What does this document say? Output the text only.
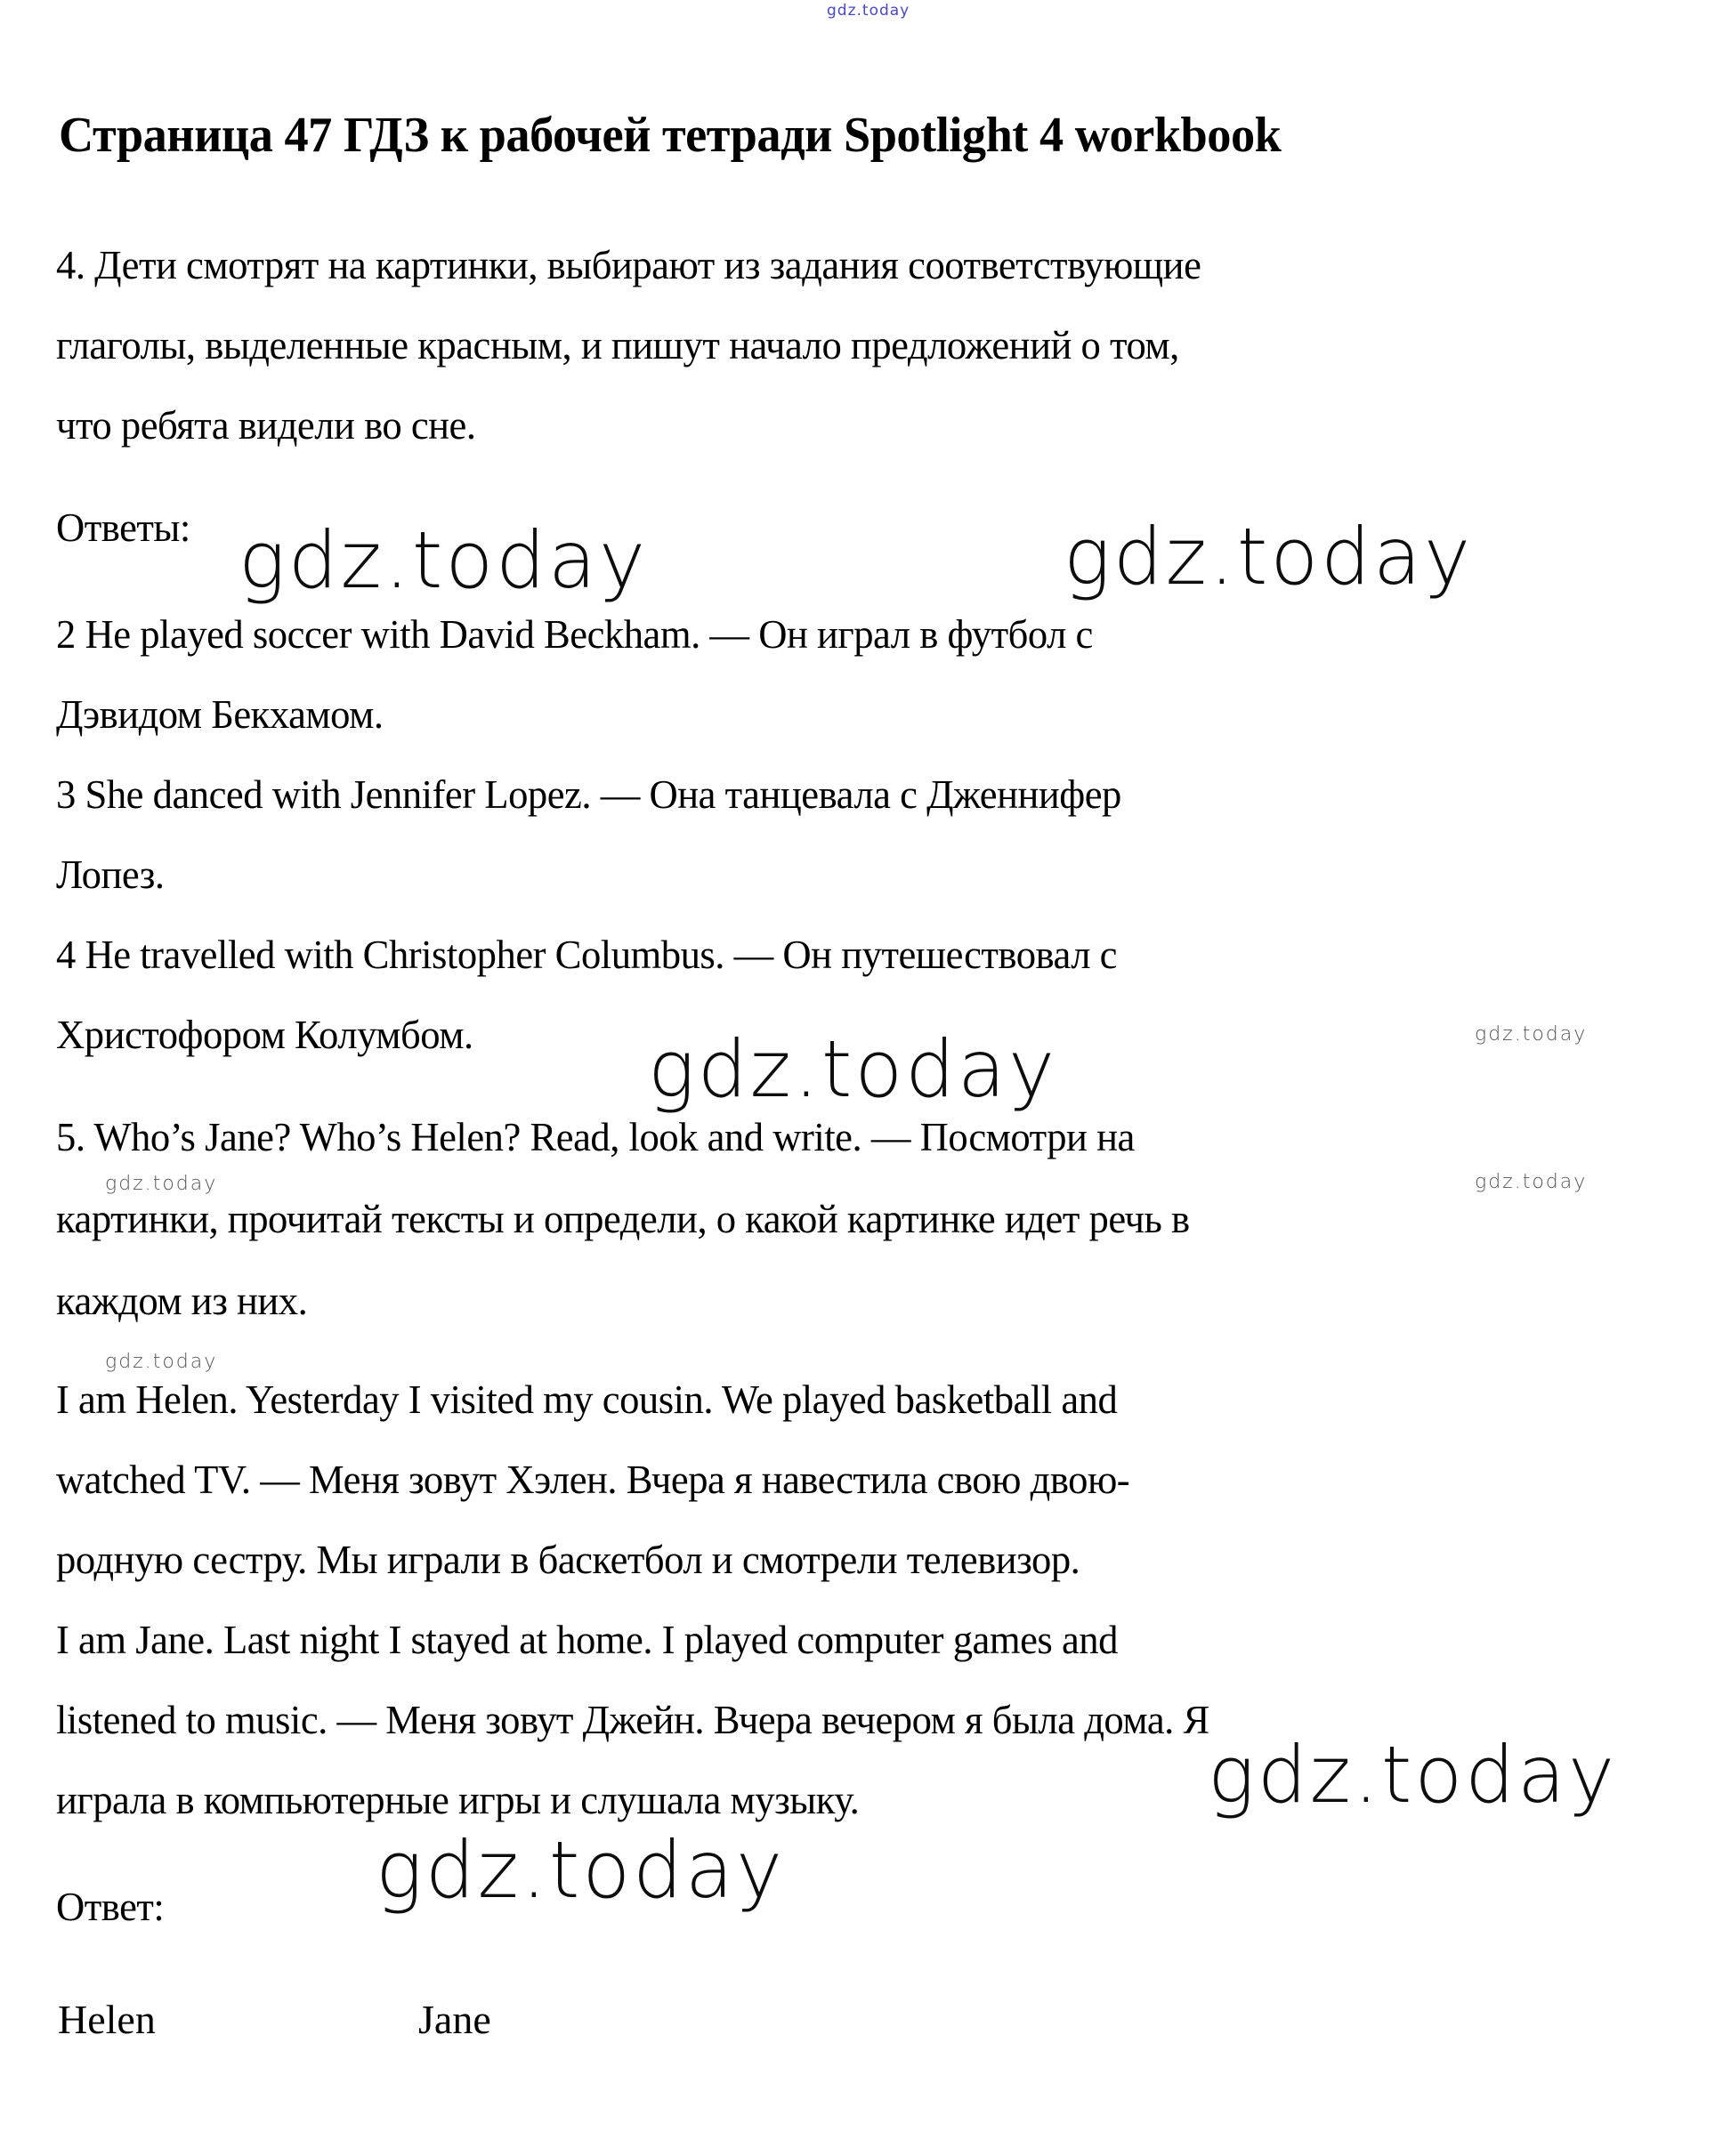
gdz.today
gdz.today	gdz.today
gdz.today
gdz.today
gdz.today
gdz.today
gdz.today	gdz.today
gdz.today
Страница 47 ГДЗ к рабочей тетради Spotlight 4 workbook
4. Дети смотрят на картинки, выбирают из задания соответствующие
глаголы, выделенные красным, и пишут начало предложений о том,
что ребята видели во сне.
Ответы:
2 He played soccer with David Beckham. — Он играл в футбол с
Дэвидом Бекхамом.
3 She danced with Jennifer Lopez. — Она танцевала с Дженнифер
Лопез.
4 He travelled with Christopher Columbus. — Он путешествовал с
Христофором Колумбом.
5. Who’s Jane? Who’s Helen? Read, look and write. — Посмотри на
картинки, прочитай тексты и определи, о какой картинке идет речь в
каждом из них.
I am Helen. Yesterday I visited my cousin. We played basketball and
watched TV. — Меня зовут Хэлен. Вчера я навестила свою двою-
родную сестру. Мы играли в баскетбол и смотрели телевизор.
I am Jane. Last night I stayed at home. I played computer games and
listened to music. — Меня зовут Джейн. Вчера вечером я была дома. Я
играла в компьютерные игры и слушала музыку.
Ответ:
Helen	Jane
